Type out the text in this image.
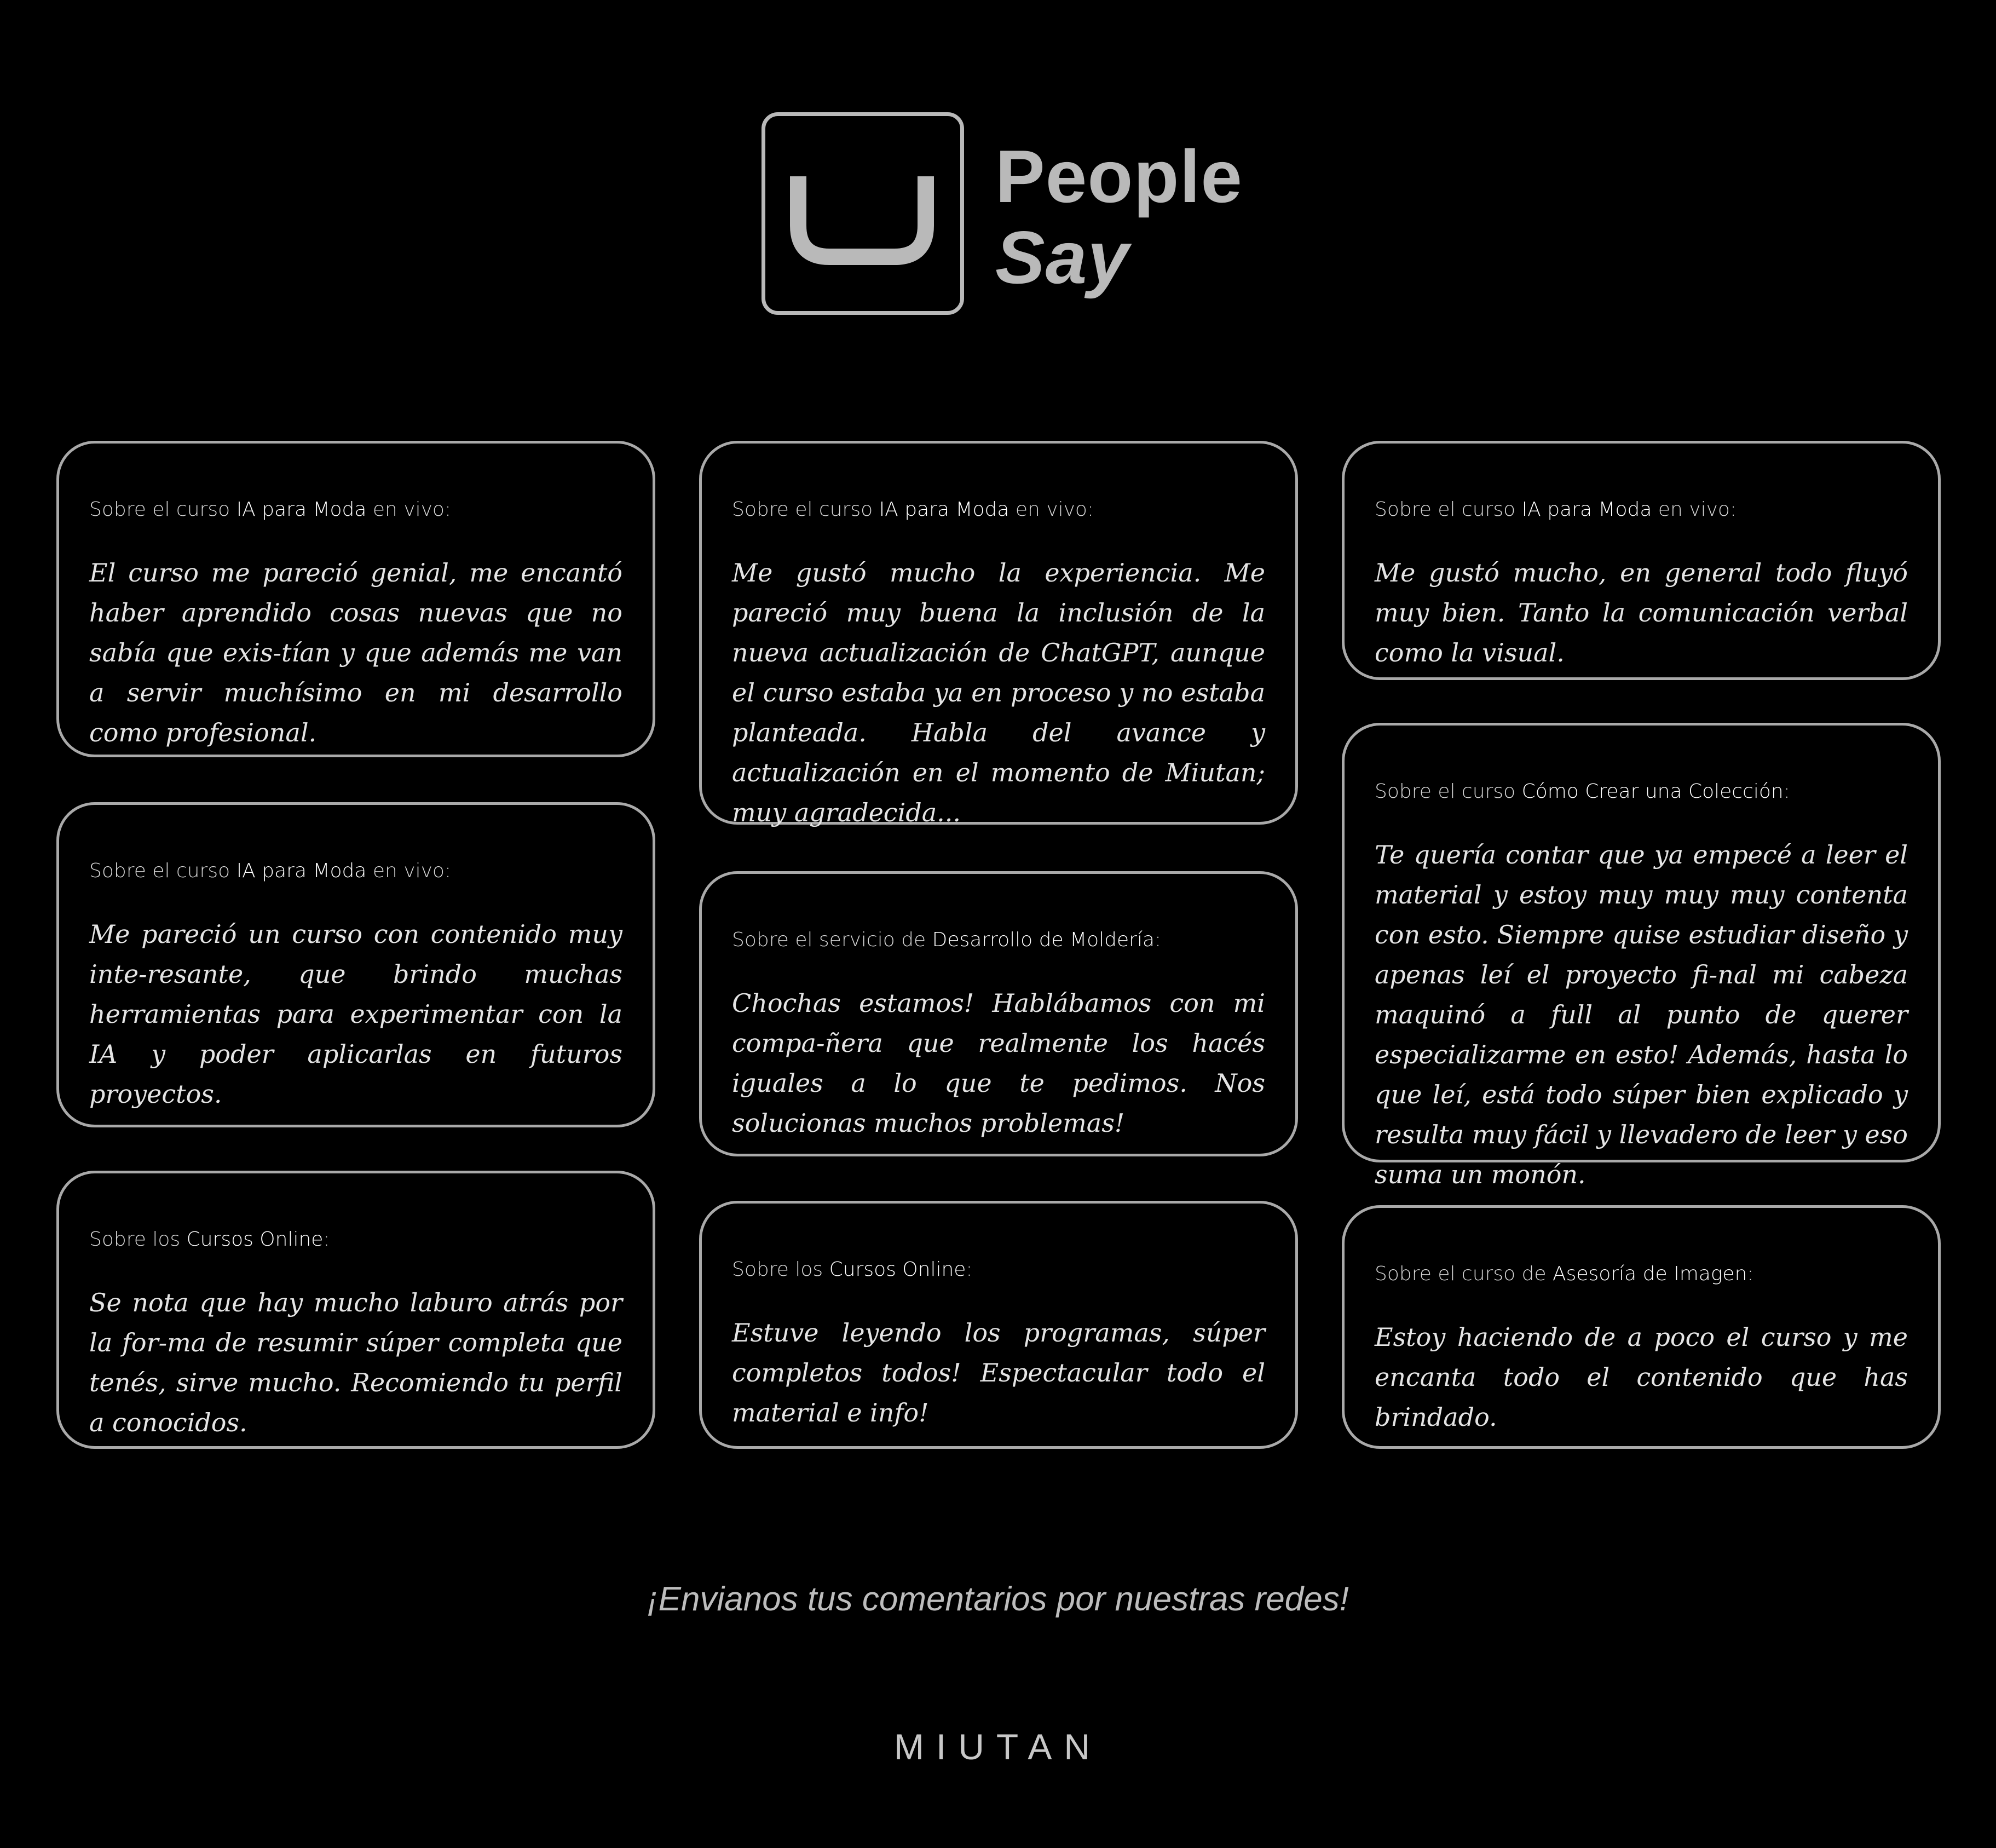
People
Say
Sobre el curso IA para Moda en vivo:

El curso me pareció genial, me encantó haber aprendido cosas nuevas que no sabía que exis-tían y que además me van a servir muchísimo en mi desarrollo como profesional.

Sobre el curso IA para Moda en vivo:

Me pareció un curso con contenido muy inte-resante, que brindo muchas herramientas para experimentar con la IA y poder aplicarlas en futuros proyectos.

Sobre los Cursos Online:

Se nota que hay mucho laburo atrás por la for-ma de resumir súper completa que tenés, sirve mucho. Recomiendo tu perfil a conocidos.

Sobre el curso IA para Moda en vivo:

Me gustó mucho la experiencia. Me pareció muy buena la inclusión de la nueva actualización de ChatGPT, aunque el curso estaba ya en proceso y no estaba planteada. Habla del avance y actualización en el momento de Miutan; muy agradecida...

Sobre el servicio de Desarrollo de Moldería:

Chochas estamos! Hablábamos con mi compa-ñera que realmente los hacés iguales a lo que te pedimos. Nos solucionas muchos problemas!

Sobre los Cursos Online:

Estuve leyendo los programas, súper completos todos! Espectacular todo el material e info!

Sobre el curso IA para Moda en vivo:

Me gustó mucho, en general todo fluyó muy bien. Tanto la comunicación verbal como la visual.

Sobre el curso Cómo Crear una Colección:

Te quería contar que ya empecé a leer el material y estoy muy muy muy contenta con esto. Siempre quise estudiar diseño y apenas leí el proyecto fi-nal mi cabeza maquinó a full al punto de querer especializarme en esto! Además, hasta lo que leí, está todo súper bien explicado y resulta muy fácil y llevadero de leer y eso suma un monón.

Sobre el curso de Asesoría de Imagen:

Estoy haciendo de a poco el curso y me encanta todo el contenido que has brindado.

¡Envianos tus comentarios por nuestras redes!
MIUTAN
